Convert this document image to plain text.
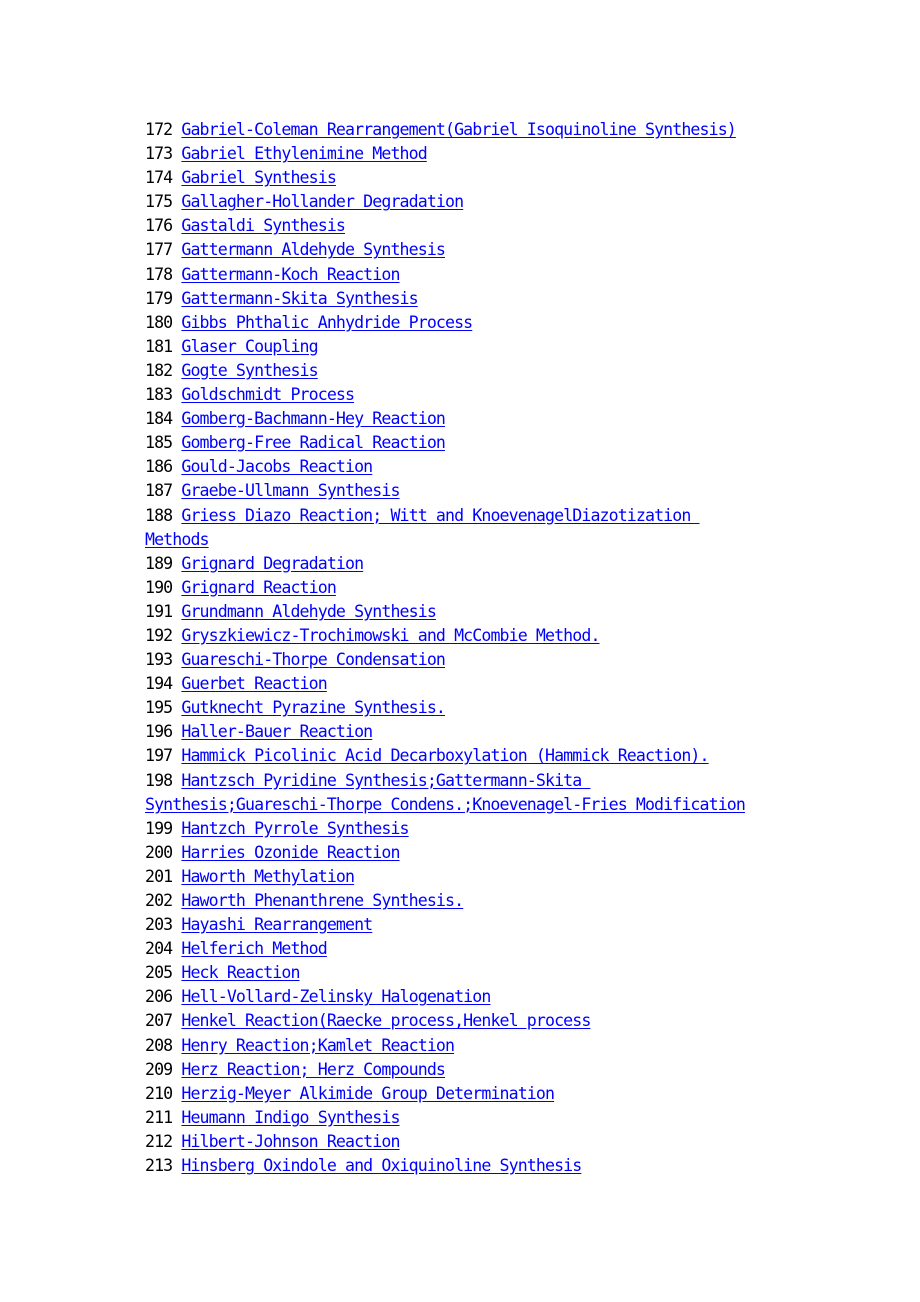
172 Gabriel-Coleman Rearrangement(Gabriel Isoquinoline Synthesis)
173 Gabriel Ethylenimine Method
174 Gabriel Synthesis
175 Gallagher-Hollander Degradation
176 Gastaldi Synthesis
177 Gattermann Aldehyde Synthesis
178 Gattermann-Koch Reaction
179 Gattermann-Skita Synthesis
180 Gibbs Phthalic Anhydride Process
181 Glaser Coupling
182 Gogte Synthesis
183 Goldschmidt Process
184 Gomberg-Bachmann-Hey Reaction
185 Gomberg-Free Radical Reaction
186 Gould-Jacobs Reaction
187 Graebe-Ullmann Synthesis
188 Griess Diazo Reaction; Witt and KnoevenagelDiazotization
Methods
189 Grignard Degradation
190 Grignard Reaction
191 Grundmann Aldehyde Synthesis
192 Gryszkiewicz-Trochimowski and McCombie Method.
193 Guareschi-Thorpe Condensation
194 Guerbet Reaction
195 Gutknecht Pyrazine Synthesis.
196 Haller-Bauer Reaction
197 Hammick Picolinic Acid Decarboxylation (Hammick Reaction).
198 Hantzsch Pyridine Synthesis;Gattermann-Skita
Synthesis;Guareschi-Thorpe Condens.;Knoevenagel-Fries Modification
199 Hantzch Pyrrole Synthesis
200 Harries Ozonide Reaction
201 Haworth Methylation
202 Haworth Phenanthrene Synthesis.
203 Hayashi Rearrangement
204 Helferich Method
205 Heck Reaction
206 Hell-Vollard-Zelinsky Halogenation
207 Henkel Reaction(Raecke process,Henkel process
208 Henry Reaction;Kamlet Reaction
209 Herz Reaction; Herz Compounds
210 Herzig-Meyer Alkimide Group Determination
211 Heumann Indigo Synthesis
212 Hilbert-Johnson Reaction
213 Hinsberg Oxindole and Oxiquinoline Synthesis
